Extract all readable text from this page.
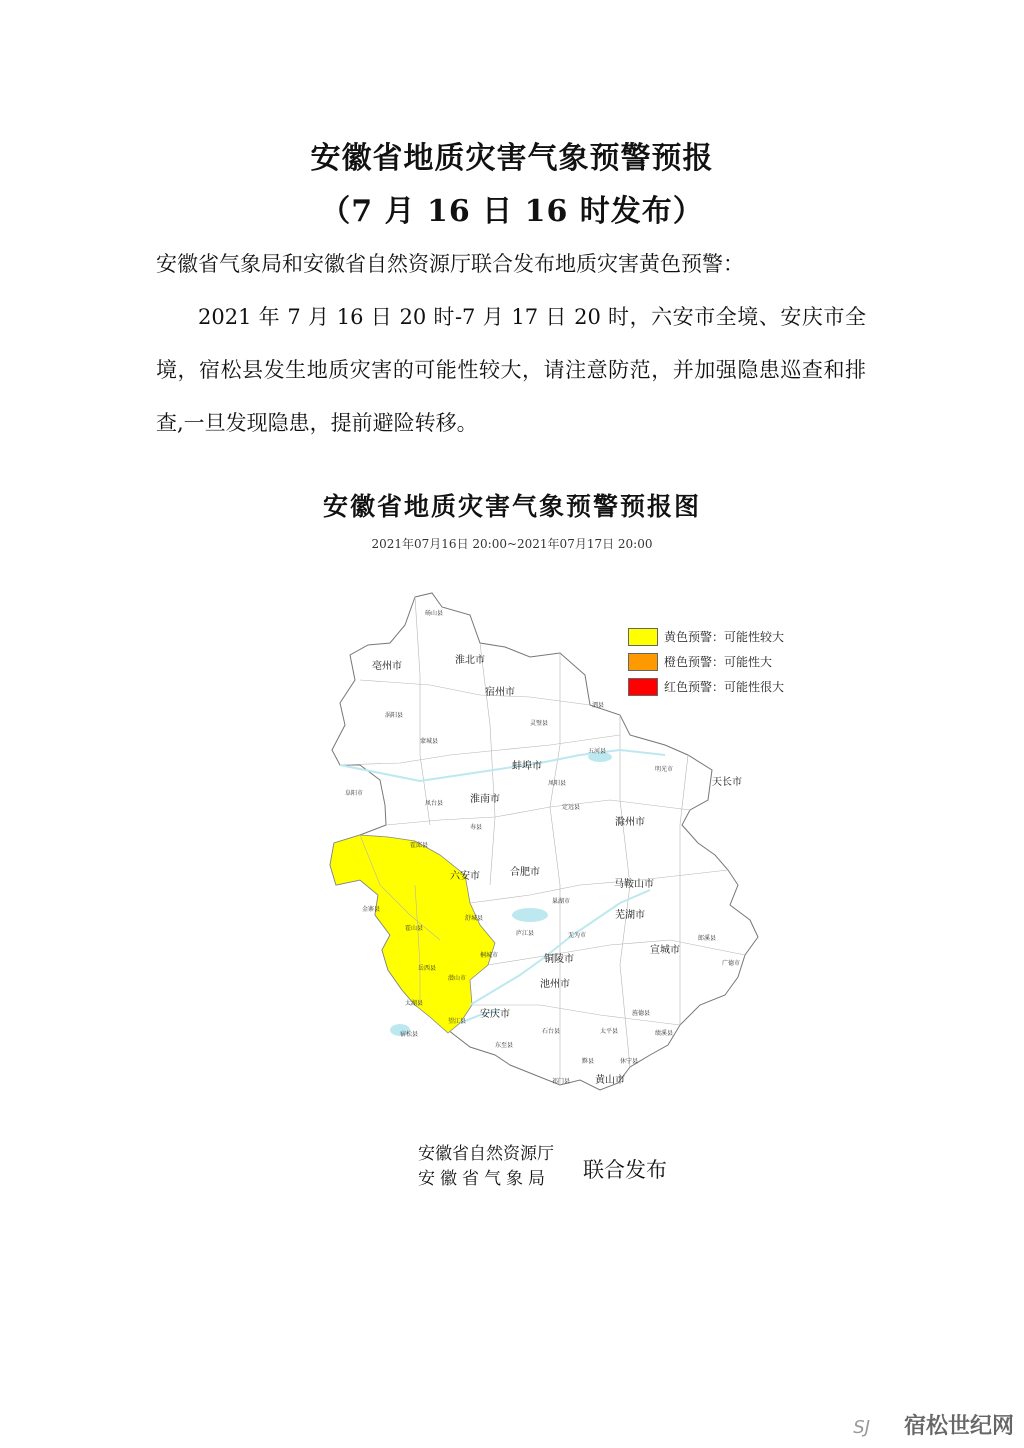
安徽省地质灾害气象预警预报
（7 月 16 日 16 时发布）
安徽省气象局和安徽省自然资源厅联合发布地质灾害黄色预警：
2021 年 7 月 16 日 20 时-7 月 17 日 20 时，六安市全境、安庆市全境，宿松县发生地质灾害的可能性较大，请注意防范，并加强隐患巡查和排查,一旦发现隐患，提前避险转移。
安徽省地质灾害气象预警预报图
2021年07月16日 20:00~2021年07月17日 20:00
亳州市
淮北市
宿州市
蚌埠市
淮南市
滁州市
天长市
六安市	合肥市
马鞍山市
芜湖市
铜陵市
池州市
安庆市
宣城市
黄山市
宿松县
太湖县
霍山县
金寨县
舒城县
岳西县
潜山市
桐城市
寿县
阜阳市
砀山县
霍邱县
望江县
东至县
石台县
祁门县
广德市
绩溪县
旌德县
郎溪县
定远县
明光市
无为市
庐江县
巢湖市
凤台县
涡阳县
蒙城县
灵璧县
泗县
五河县
凤阳县
休宁县
黟县
太平县
黄色预警：可能性较大
橙色预警：可能性大
红色预警：可能性很大
安徽省自然资源厅
安徽省气象局 联合发布
SJ 宿松世纪网
